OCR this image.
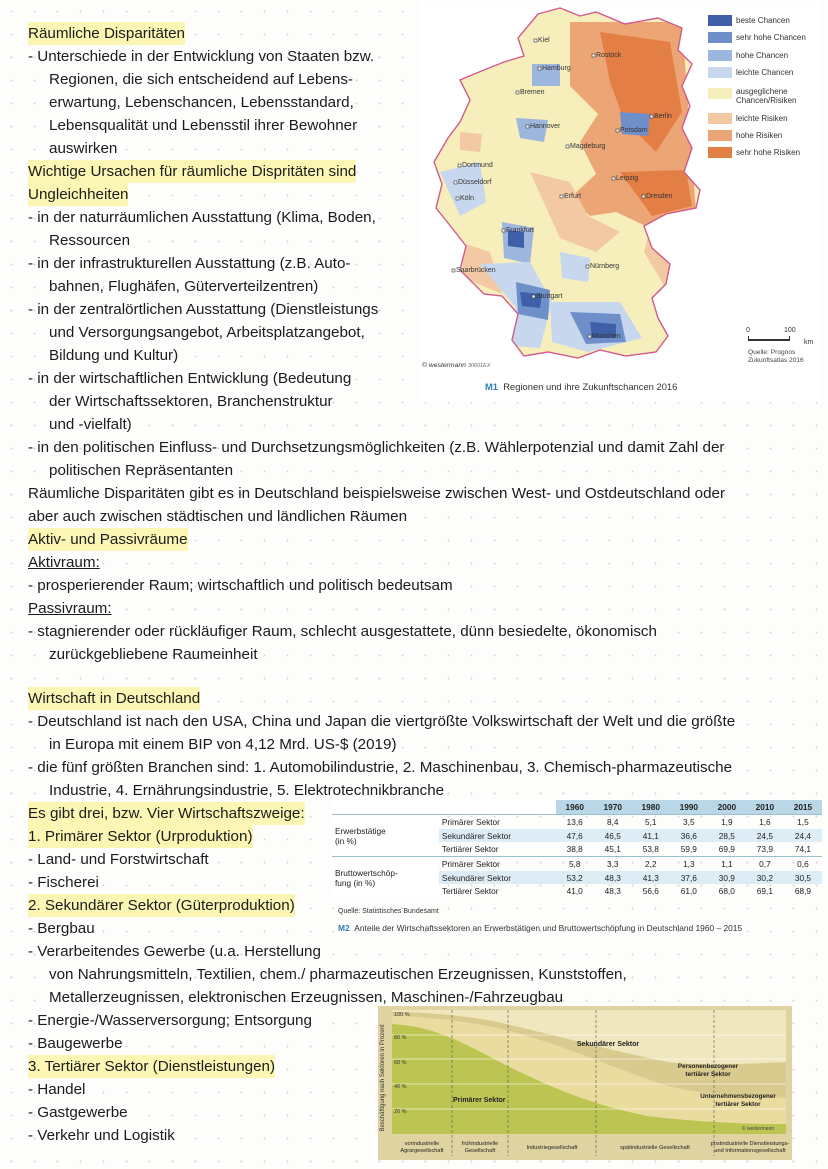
Räumliche Disparitäten
- Unterschiede in der Entwicklung von Staaten bzw.
Regionen, die sich entscheidend auf Lebens-
erwartung, Lebenschancen, Lebensstandard,
Lebensqualität und Lebensstil ihrer Bewohner
auswirken
Wichtige Ursachen für räumliche Dispritäten sind
Ungleichheiten
- in der naturräumlichen Ausstattung (Klima, Boden,
Ressourcen
- in der infrastrukturellen Ausstattung (z.B. Auto-
bahnen, Flughäfen, Güterverteilzentren)
- in der zentralörtlichen Ausstattung (Dienstleistungs
und Versorgungsangebot, Arbeitsplatzangebot,
Bildung und Kultur)
- in der wirtschaftlichen Entwicklung (Bedeutung
der Wirtschaftssektoren, Branchenstruktur
und -vielfalt)
- in den politischen Einfluss- und Durchsetzungsmöglichkeiten (z.B. Wählerpotenzial und damit Zahl der
politischen Repräsentanten
Räumliche Disparitäten gibt es in Deutschland beispielsweise zwischen West- und Ostdeutschland oder
aber auch zwischen städtischen und ländlichen Räumen
Aktiv- und Passivräume
Aktivraum:
- prosperierender Raum; wirtschaftlich und politisch bedeutsam
Passivraum:
- stagnierender oder rückläufiger Raum, schlecht ausgestattete, dünn besiedelte, ökonomisch
zurückgebliebene Raumeinheit
Wirtschaft in Deutschland
- Deutschland ist nach den USA, China und Japan die viertgrößte Volkswirtschaft der Welt und die größte
in Europa mit einem BIP von 4,12 Mrd. US-$ (2019)
- die fünf größten Branchen sind: 1. Automobilindustrie, 2. Maschinenbau, 3. Chemisch-pharmazeutische
Industrie, 4. Ernährungsindustrie, 5. Elektrotechnikbranche
Es gibt drei, bzw. Vier Wirtschaftszweige:
1. Primärer Sektor (Urproduktion)
- Land- und Forstwirtschaft
- Fischerei
2. Sekundärer Sektor (Güterproduktion)
- Bergbau
- Verarbeitendes Gewerbe (u.a. Herstellung
von Nahrungsmitteln, Textilien, chem./ pharmazeutischen Erzeugnissen, Kunststoffen,
Metallerzeugnissen, elektronischen Erzeugnissen, Maschinen-/Fahrzeugbau
- Energie-/Wasserversorgung; Entsorgung
- Baugewerbe
3. Tertiärer Sektor (Dienstleistungen)
- Handel
- Gastgewerbe
- Verkehr und Logistik
Kiel
Rostock
Hamburg
Bremen
Hannover
Berlin
Potsdam
Magdeburg
Dortmund
Düsseldorf
Köln
Leipzig
Erfurt	Dresden
Frankfurt
Saarbrücken
Nürnberg
Stuttgart
München
beste Chancen
sehr hohe Chancen
hohe Chancen
leichte Chancen
ausgeglichene Chancen/Risiken
leichte Risiken
hohe Risiken
sehr hohe Risiken
0	100
km
Quelle: Prognos Zukunftsatlas 2016
© westermann 30601EX
M1 Regionen und ihre Zukunftschancen 2016
		1960	1970	1980	1990	2000	2010	2015

Erwerbstätige
(in %)	Primärer Sektor	13,6	8,4	5,1	3,5	1,9	1,6	1,5
	Sekundärer Sektor	47,6	46,5	41,1	36,6	28,5	24,5	24,4
	Tertiärer Sektor	38,8	45,1	53,8	59,9	69,9	73,9	74,1

Bruttowertschöp-
fung (in %)	Primärer Sektor	5,8	3,3	2,2	1,3	1,1	0,7	0,6
	Sekundärer Sektor	53,2	48,3	41,3	37,6	30,9	30,2	30,5
	Tertiärer Sektor	41,0	48,3	56,6	61,0	68,0	69,1	68,9
Quelle: Statistisches Bundesamt
M2 Anteile der Wirtschaftssektoren an Erwerbstätigen und Bruttowertschöpfung in Deutschland 1960 – 2015
Beschäftigung nach Sektoren in Prozent
100 %
80 %
60 %
40 %
20 %
Sekundärer Sektor
Primärer Sektor
Personenbezogener
tertiärer Sektor
Unternehmensbezogener
tertiärer Sektor
© westermann
vorindustrielle
Agrargesellschaft
frühindustrielle
Gesellschaft	Industriegesellschaft	spätindustrielle Gesellschaft
postindustrielle Dienstleistungs-
und Informationsgesellschaft
